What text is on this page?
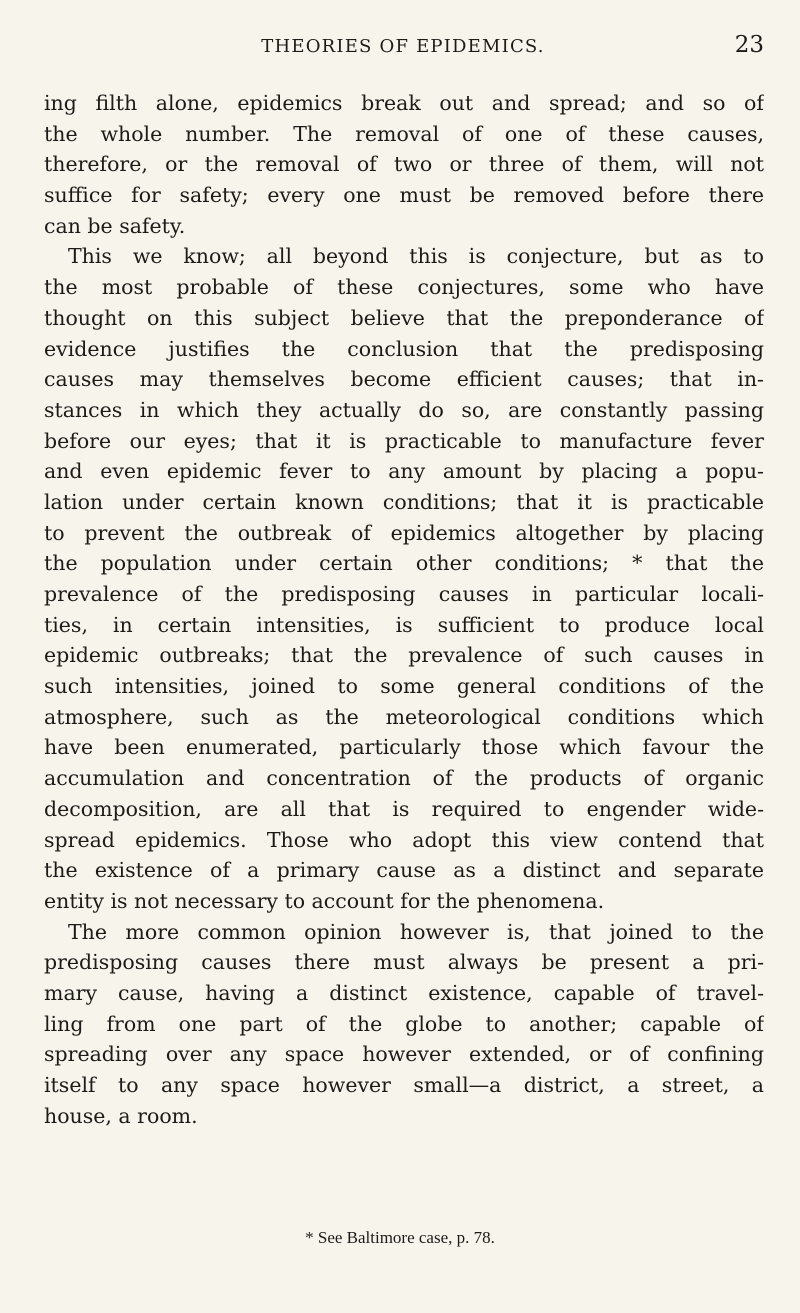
THEORIES OF EPIDEMICS.	23
ing filth alone, epidemics break out and spread; and so of
the whole number. The removal of one of these causes,
therefore, or the removal of two or three of them, will not
suffice for safety; every one must be removed before there
can be safety.
This we know; all beyond this is conjecture, but as to
the most probable of these conjectures, some who have
thought on this subject believe that the preponderance of
evidence justifies the conclusion that the predisposing
causes may themselves become efficient causes; that in-
stances in which they actually do so, are constantly passing
before our eyes; that it is practicable to manufacture fever
and even epidemic fever to any amount by placing a popu-
lation under certain known conditions; that it is practicable
to prevent the outbreak of epidemics altogether by placing
the population under certain other conditions; * that the
prevalence of the predisposing causes in particular locali-
ties, in certain intensities, is sufficient to produce local
epidemic outbreaks; that the prevalence of such causes in
such intensities, joined to some general conditions of the
atmosphere, such as the meteorological conditions which
have been enumerated, particularly those which favour the
accumulation and concentration of the products of organic
decomposition, are all that is required to engender wide-
spread epidemics. Those who adopt this view contend that
the existence of a primary cause as a distinct and separate
entity is not necessary to account for the phenomena.
The more common opinion however is, that joined to the
predisposing causes there must always be present a pri-
mary cause, having a distinct existence, capable of travel-
ling from one part of the globe to another; capable of
spreading over any space however extended, or of confining
itself to any space however small—a district, a street, a
house, a room.
* See Baltimore case, p. 78.
